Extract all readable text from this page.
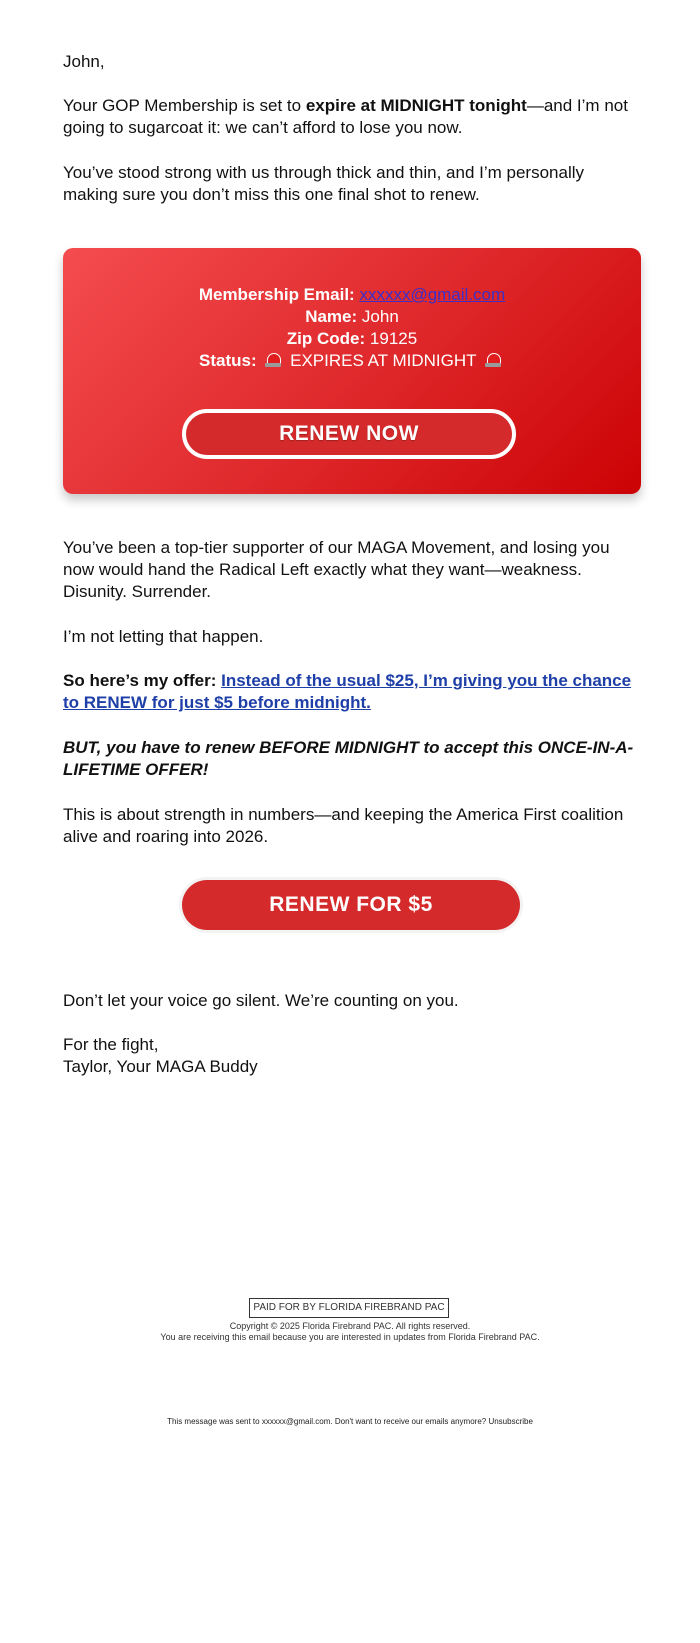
John,

Your GOP Membership is set to expire at MIDNIGHT tonight—and I’m not going to sugarcoat it: we can’t afford to lose you now.

You’ve stood strong with us through thick and thin, and I’m personally making sure you don’t miss this one final shot to renew.

Membership Email: xxxxxx@gmail.com
Name: John
Zip Code: 19125
Status: EXPIRES AT MIDNIGHT
RENEW NOW

You’ve been a top-tier supporter of our MAGA Movement, and losing you now would hand the Radical Left exactly what they want—weakness. Disunity. Surrender.

I’m not letting that happen.

So here’s my offer: Instead of the usual $25, I’m giving you the chance to RENEW for just $5 before midnight.

BUT, you have to renew BEFORE MIDNIGHT to accept this ONCE-IN-A-LIFETIME OFFER!

This is about strength in numbers—and keeping the America First coalition alive and roaring into 2026.

RENEW FOR $5

Don’t let your voice go silent. We’re counting on you.

For the fight,

Taylor, Your MAGA Buddy

PAID FOR BY FLORIDA FIREBRAND PAC
Copyright © 2025 Florida Firebrand PAC. All rights reserved.
You are receiving this email because you are interested in updates from Florida Firebrand PAC.
This message was sent to xxxxxx@gmail.com. Don't want to receive our emails anymore? Unsubscribe
